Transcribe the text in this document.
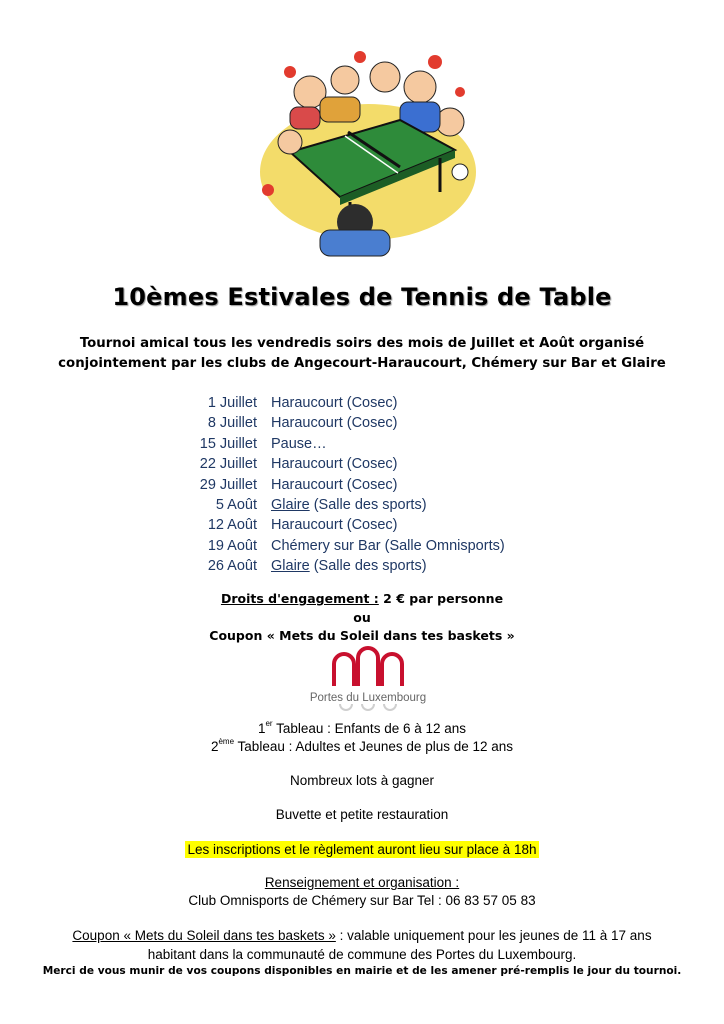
10èmes Estivales de Tennis de Table
Tournoi amical tous les vendredis soirs des mois de Juillet et Août organisé
conjointement par les clubs de Angecourt-Haraucourt, Chémery sur Bar et Glaire
1 Juillet Haraucourt (Cosec)
8 Juillet Haraucourt (Cosec)
15 Juillet Pause…
22 Juillet Haraucourt (Cosec)
29 Juillet Haraucourt (Cosec)
5 Août Glaire (Salle des sports)
12 Août Haraucourt (Cosec)
19 Août Chémery sur Bar (Salle Omnisports)
26 Août Glaire (Salle des sports)
Droits d'engagement : 2 € par personne
ou
Coupon « Mets du Soleil dans tes baskets »
Portes du Luxembourg
1er Tableau : Enfants de 6 à 12 ans
2ème Tableau : Adultes et Jeunes de plus de 12 ans
Nombreux lots à gagner
Buvette et petite restauration
Les inscriptions et le règlement auront lieu sur place à 18h
Renseignement et organisation :
Club Omnisports de Chémery sur Bar Tel : 06 83 57 05 83
Coupon « Mets du Soleil dans tes baskets » : valable uniquement pour les jeunes de 11 à 17 ans
habitant dans la communauté de commune des Portes du Luxembourg.
Merci de vous munir de vos coupons disponibles en mairie et de les amener pré-remplis le jour du tournoi.
